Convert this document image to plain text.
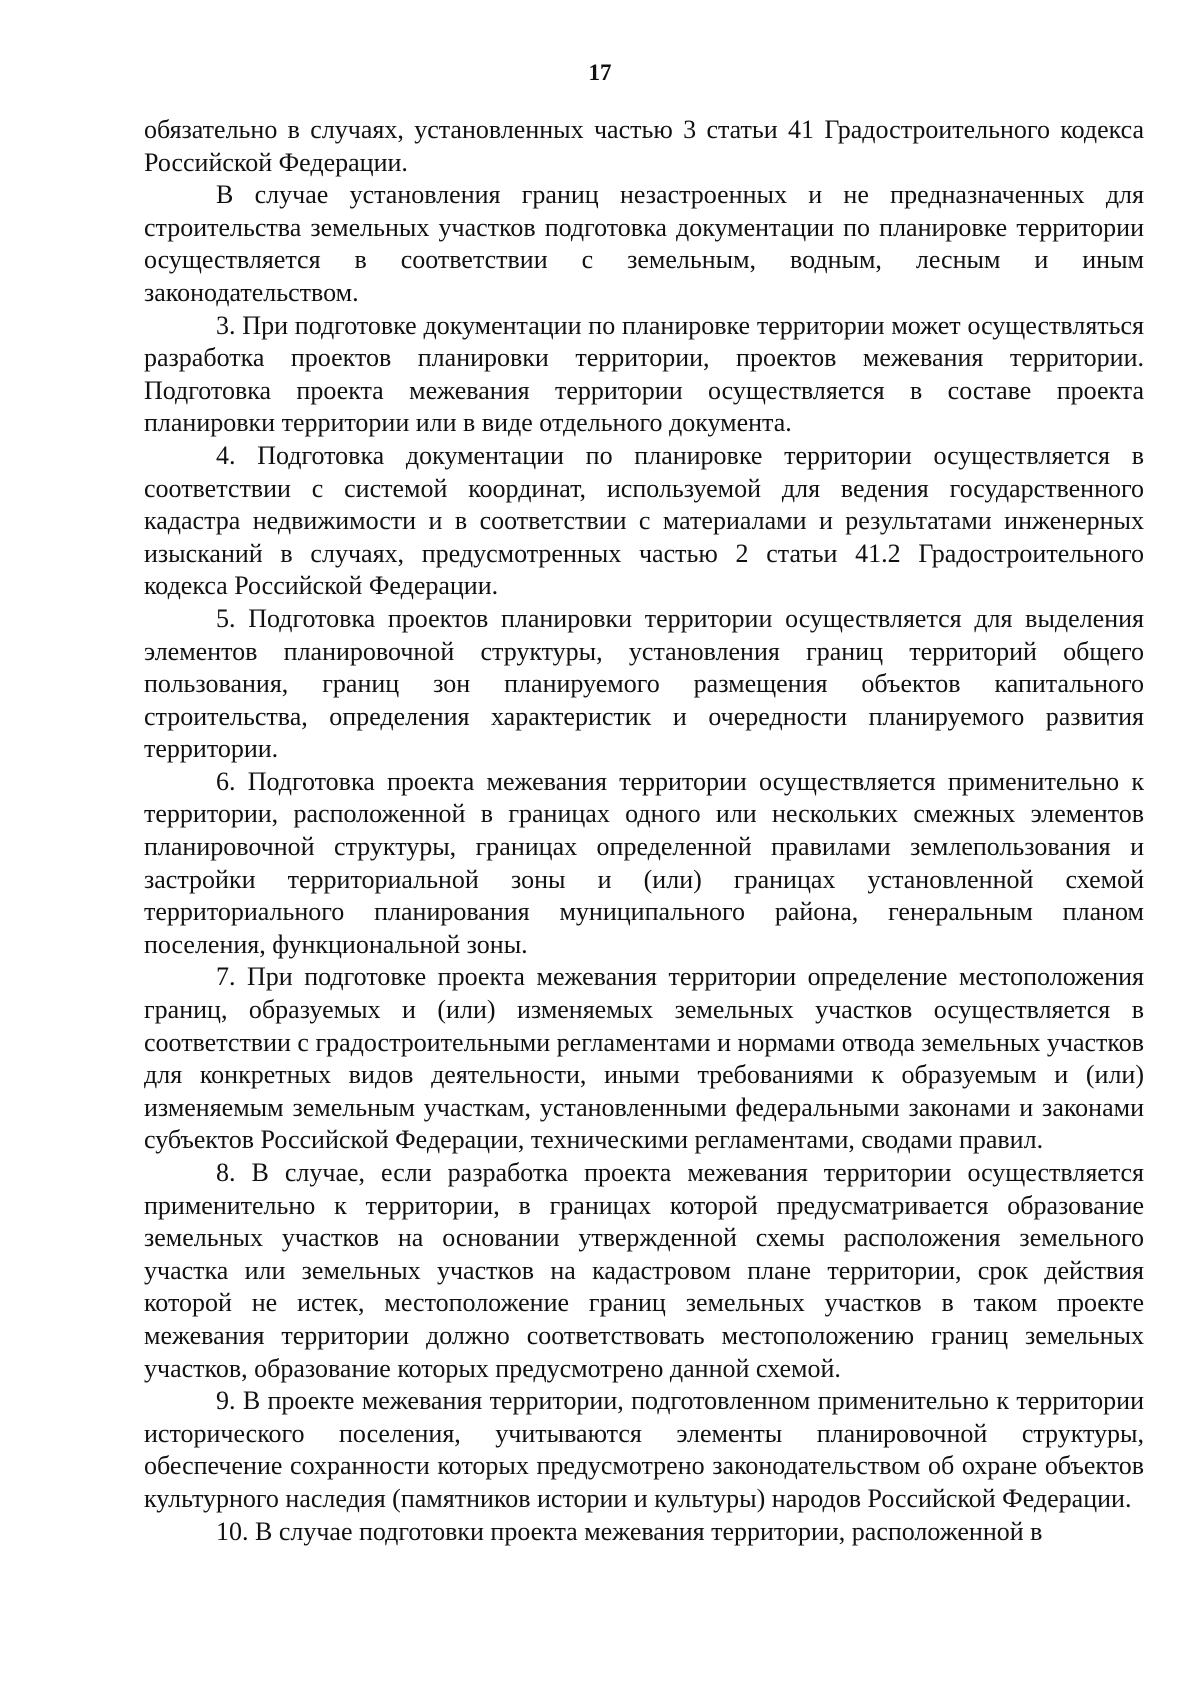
17

обязательно в случаях, установленных частью 3 статьи 41 Градостроительного кодекса Российской Федерации.

В случае установления границ незастроенных и не предназначенных для строительства земельных участков подготовка документации по планировке территории осуществляется в соответствии с земельным, водным, лесным и иным законодательством.

3. При подготовке документации по планировке территории может осуществляться разработка проектов планировки территории, проектов межевания территории. Подготовка проекта межевания территории осуществляется в составе проекта планировки территории или в виде отдельного документа.

4. Подготовка документации по планировке территории осуществляется в соответствии с системой координат, используемой для ведения государственного кадастра недвижимости и в соответствии с материалами и результатами инженерных изысканий в случаях, предусмотренных частью 2 статьи 41.2 Градостроительного кодекса Российской Федерации.

5. Подготовка проектов планировки территории осуществляется для выделения элементов планировочной структуры, установления границ территорий общего пользования, границ зон планируемого размещения объектов капитального строительства, определения характеристик и очередности планируемого развития территории.

6. Подготовка проекта межевания территории осуществляется применительно к территории, расположенной в границах одного или нескольких смежных элементов планировочной структуры, границах определенной правилами землепользования и застройки территориальной зоны и (или) границах установленной схемой территориального планирования муниципального района, генеральным планом поселения, функциональной зоны.

7. При подготовке проекта межевания территории определение местоположения границ, образуемых и (или) изменяемых земельных участков осуществляется в соответствии с градостроительными регламентами и нормами отвода земельных участков для конкретных видов деятельности, иными требованиями к образуемым и (или) изменяемым земельным участкам, установленными федеральными законами и законами субъектов Российской Федерации, техническими регламентами, сводами правил.

8. В случае, если разработка проекта межевания территории осуществляется применительно к территории, в границах которой предусматривается образование земельных участков на основании утвержденной схемы расположения земельного участка или земельных участков на кадастровом плане территории, срок действия которой не истек, местоположение границ земельных участков в таком проекте межевания территории должно соответствовать местоположению границ земельных участков, образование которых предусмотрено данной схемой.

9. В проекте межевания территории, подготовленном применительно к территории исторического поселения, учитываются элементы планировочной структуры, обеспечение сохранности которых предусмотрено законодательством об охране объектов культурного наследия (памятников истории и культуры) народов Российской Федерации.

10. В случае подготовки проекта межевания территории, расположенной в
